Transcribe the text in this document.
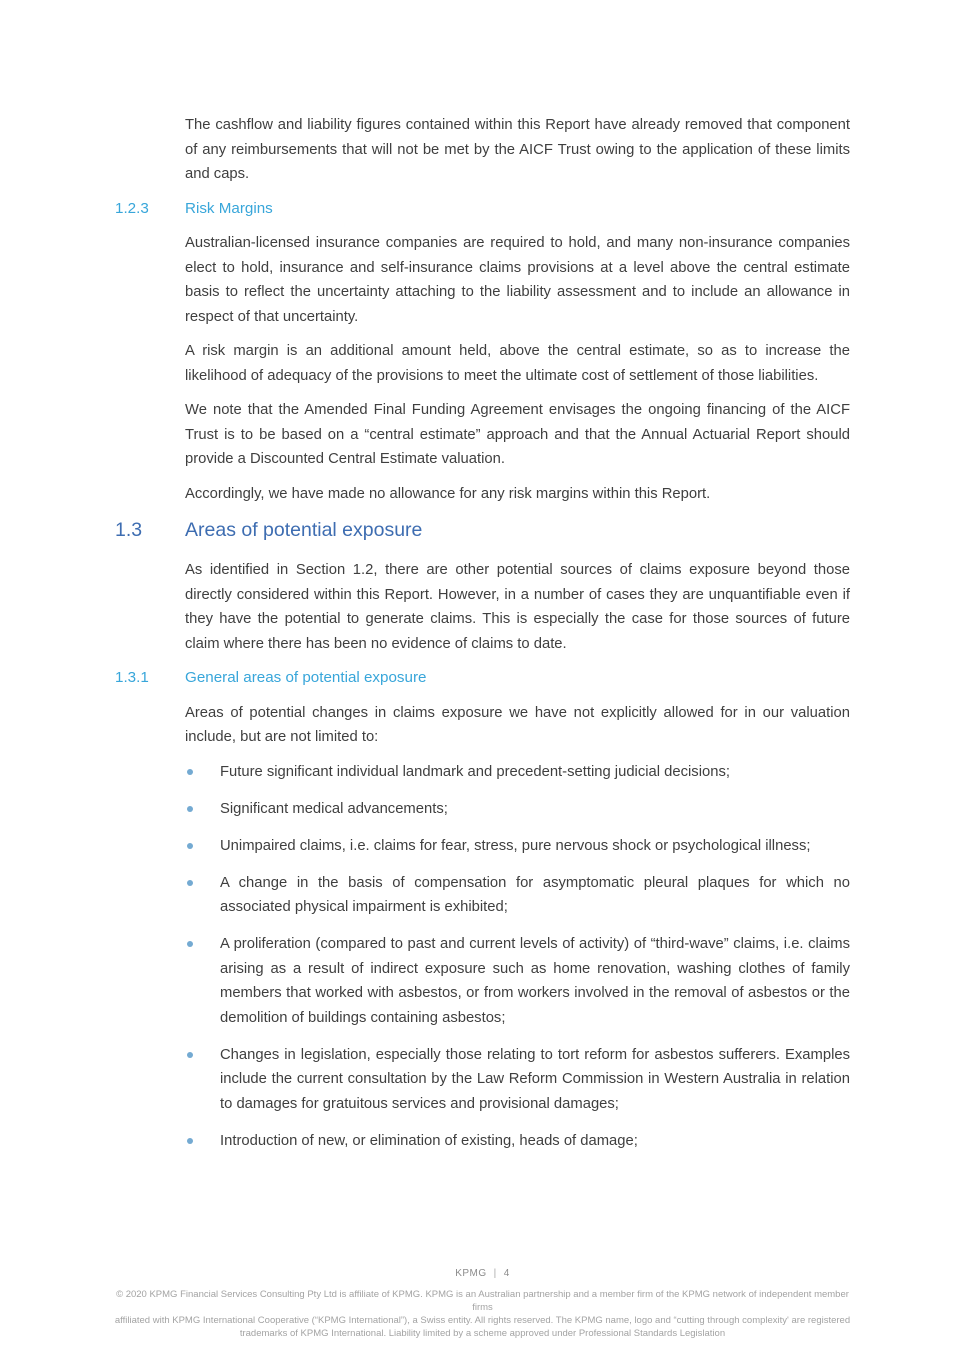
The cashflow and liability figures contained within this Report have already removed that component of any reimbursements that will not be met by the AICF Trust owing to the application of these limits and caps.

1.2.3	Risk Margins

Australian-licensed insurance companies are required to hold, and many non-insurance companies elect to hold, insurance and self-insurance claims provisions at a level above the central estimate basis to reflect the uncertainty attaching to the liability assessment and to include an allowance in respect of that uncertainty.

A risk margin is an additional amount held, above the central estimate, so as to increase the likelihood of adequacy of the provisions to meet the ultimate cost of settlement of those liabilities.

We note that the Amended Final Funding Agreement envisages the ongoing financing of the AICF Trust is to be based on a “central estimate” approach and that the Annual Actuarial Report should provide a Discounted Central Estimate valuation.

Accordingly, we have made no allowance for any risk margins within this Report.

1.3	Areas of potential exposure

As identified in Section 1.2, there are other potential sources of claims exposure beyond those directly considered within this Report. However, in a number of cases they are unquantifiable even if they have the potential to generate claims. This is especially the case for those sources of future claim where there has been no evidence of claims to date.

1.3.1	General areas of potential exposure

Areas of potential changes in claims exposure we have not explicitly allowed for in our valuation include, but are not limited to:

Future significant individual landmark and precedent-setting judicial decisions;
Significant medical advancements;
Unimpaired claims, i.e. claims for fear, stress, pure nervous shock or psychological illness;
A change in the basis of compensation for asymptomatic pleural plaques for which no associated physical impairment is exhibited;
A proliferation (compared to past and current levels of activity) of “third-wave” claims, i.e. claims arising as a result of indirect exposure such as home renovation, washing clothes of family members that worked with asbestos, or from workers involved in the removal of asbestos or the demolition of buildings containing asbestos;
Changes in legislation, especially those relating to tort reform for asbestos sufferers. Examples include the current consultation by the Law Reform Commission in Western Australia in relation to damages for gratuitous services and provisional damages;
Introduction of new, or elimination of existing, heads of damage;
KPMG | 4
© 2020 KPMG Financial Services Consulting Pty Ltd is affiliate of KPMG. KPMG is an Australian partnership and a member firm of the KPMG network of independent member firms
affiliated with KPMG International Cooperative (“KPMG International”), a Swiss entity. All rights reserved. The KPMG name, logo and “cutting through complexity' are registered
trademarks of KPMG International. Liability limited by a scheme approved under Professional Standards Legislation
